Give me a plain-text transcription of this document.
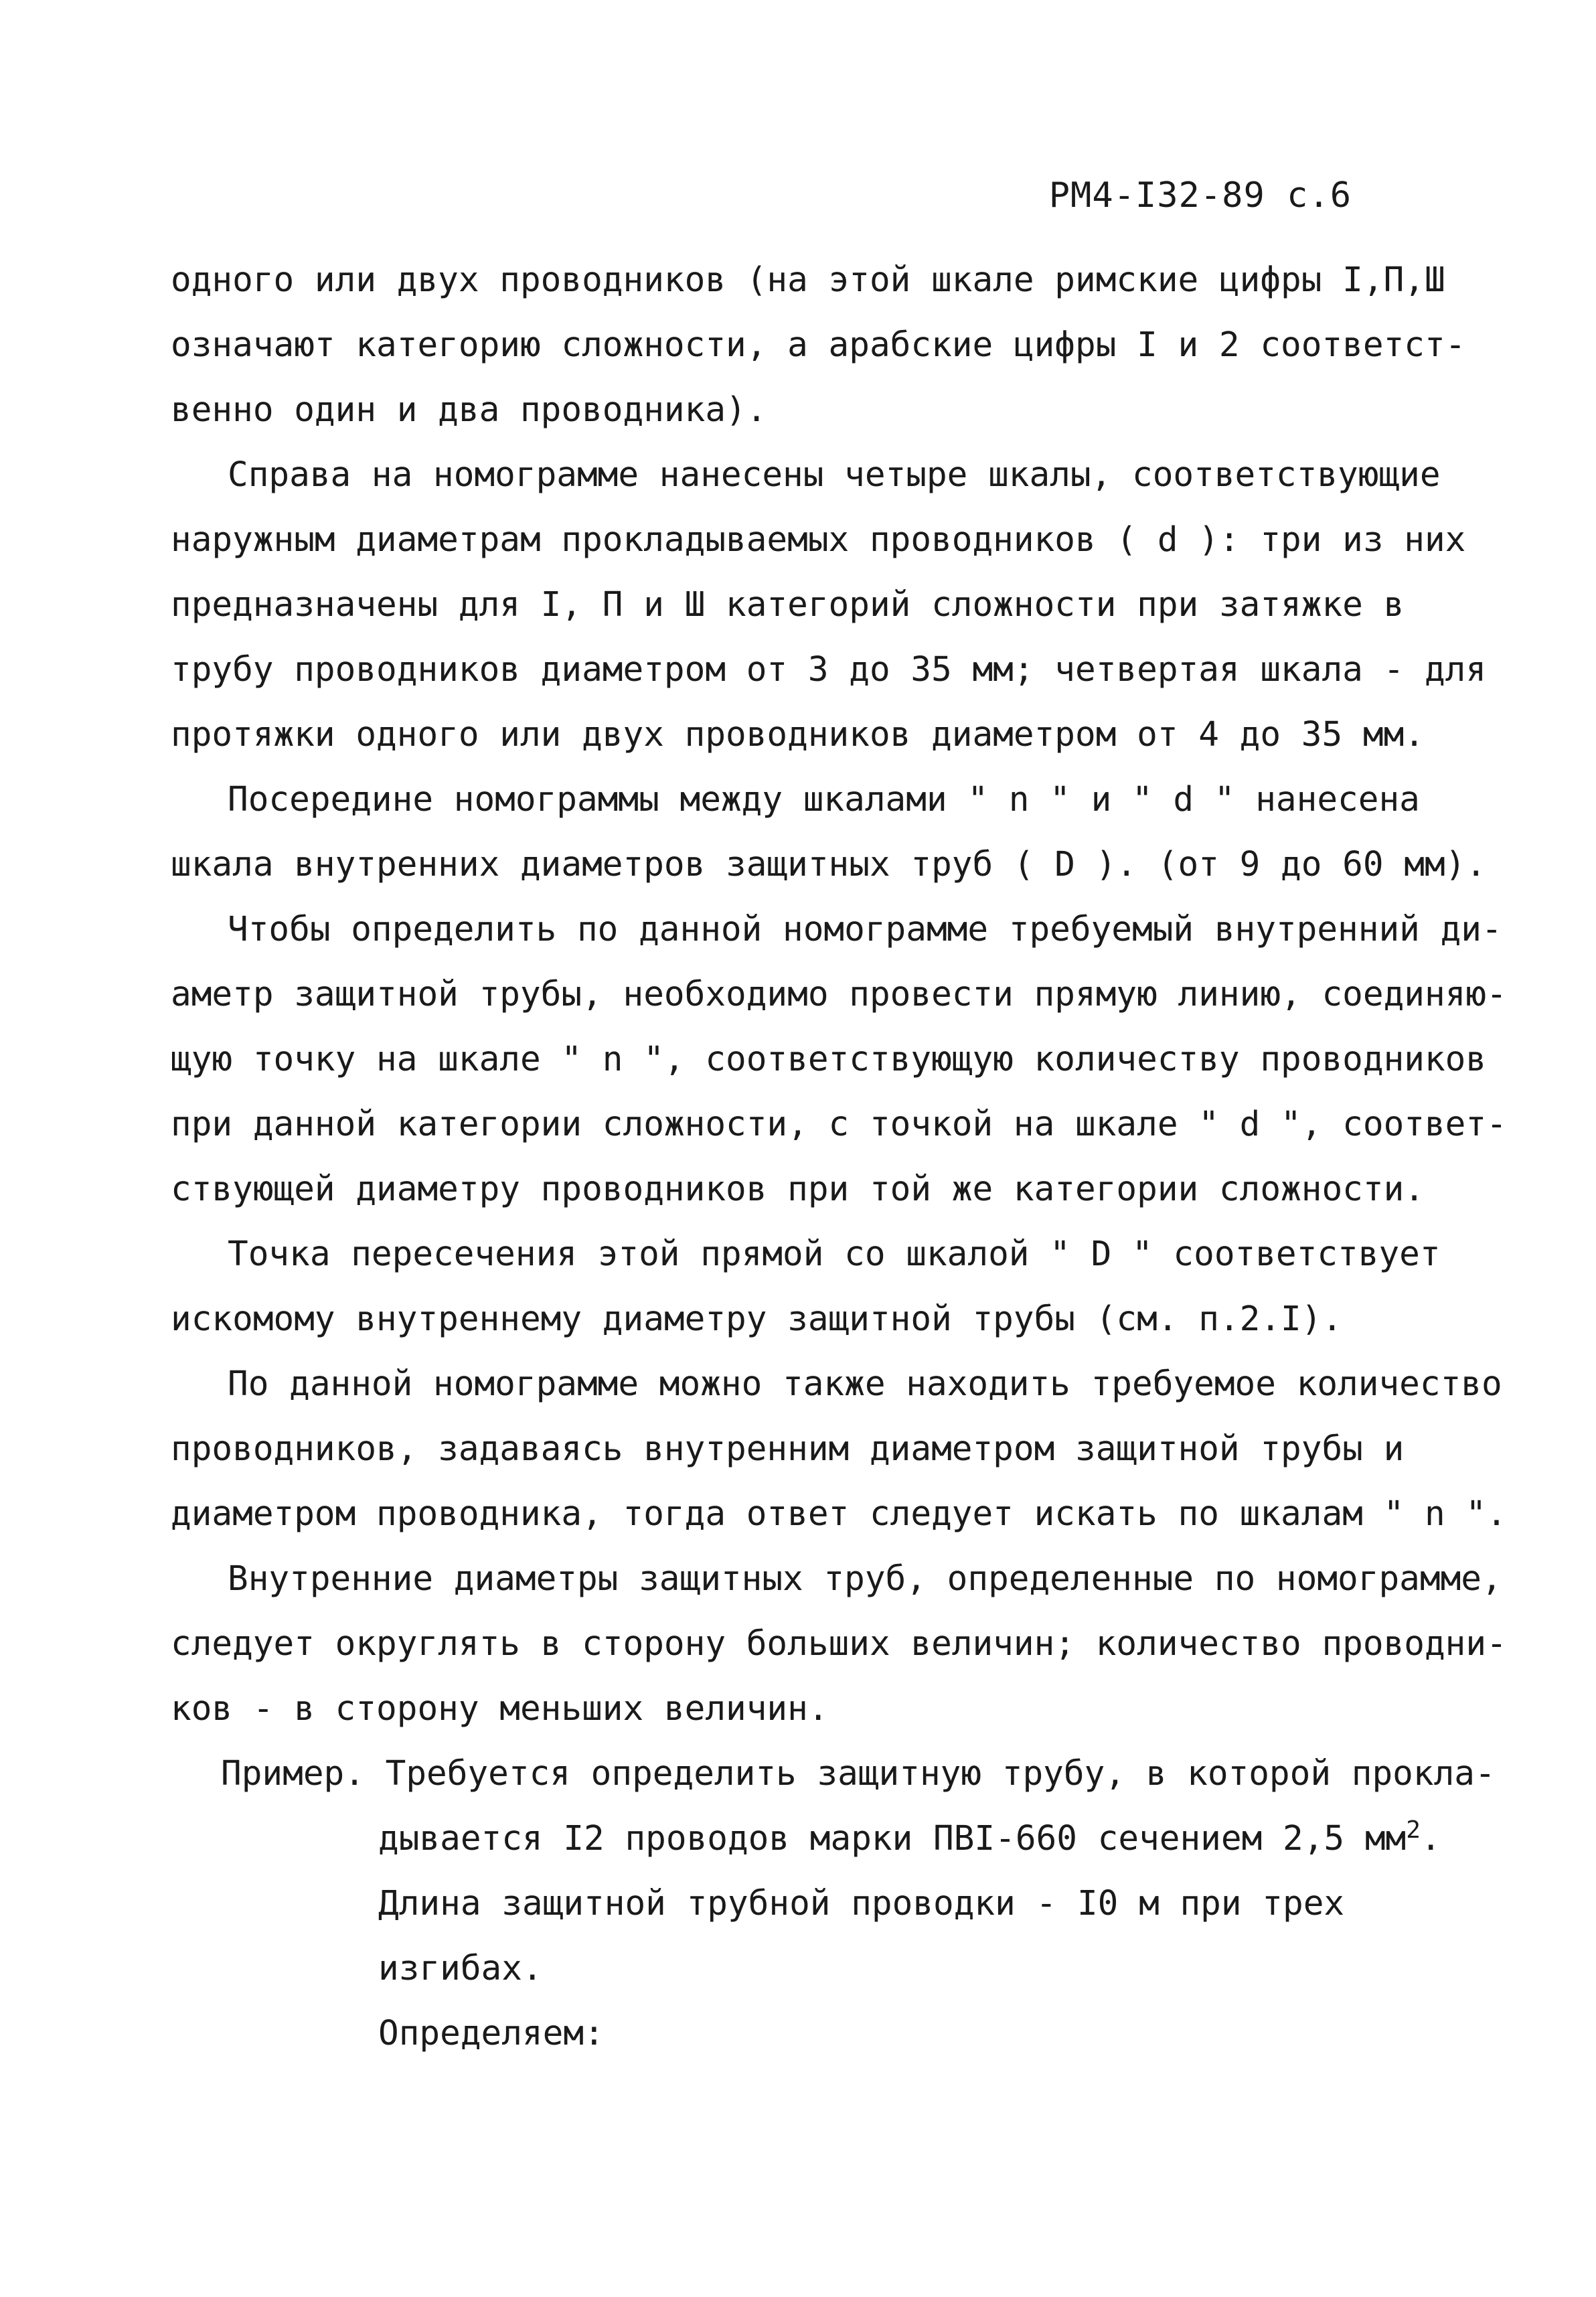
РМ4-I32-89 с.6
одного или двух проводников (на этой шкале римские цифры I,П,Ш
означают категорию сложности, а арабские цифры I и 2 соответст-
венно один и два проводника).
Справа на номограмме нанесены четыре шкалы, соответствующие
наружным диаметрам прокладываемых проводников ( d ): три из них
предназначены для I, П и Ш категорий сложности при затяжке в
трубу проводников диаметром от 3 до 35 мм; четвертая шкала - для
протяжки одного или двух проводников диаметром от 4 до 35 мм.
Посередине номограммы между шкалами " n " и " d " нанесена
шкала внутренних диаметров защитных труб ( D ). (от 9 до 60 мм).
Чтобы определить по данной номограмме требуемый внутренний ди-
аметр защитной трубы, необходимо провести прямую линию, соединяю-
щую точку на шкале " n ", соответствующую количеству проводников
при данной категории сложности, с точкой на шкале " d ", соответ-
ствующей диаметру проводников при той же категории сложности.
Точка пересечения этой прямой со шкалой " D " соответствует
искомому внутреннему диаметру защитной трубы (см. п.2.I).
По данной номограмме можно также находить требуемое количество
проводников, задаваясь внутренним диаметром защитной трубы и
диаметром проводника, тогда ответ следует искать по шкалам " n ".
Внутренние диаметры защитных труб, определенные по номограмме,
следует округлять в сторону больших величин; количество проводни-
ков - в сторону меньших величин.
Пример. Требуется определить защитную трубу, в которой прокла-
дывается I2 проводов марки ПВI-660 сечением 2,5 $мм^2$.
Длина защитной трубной проводки - I0 м при трех
изгибах.
Определяем:
